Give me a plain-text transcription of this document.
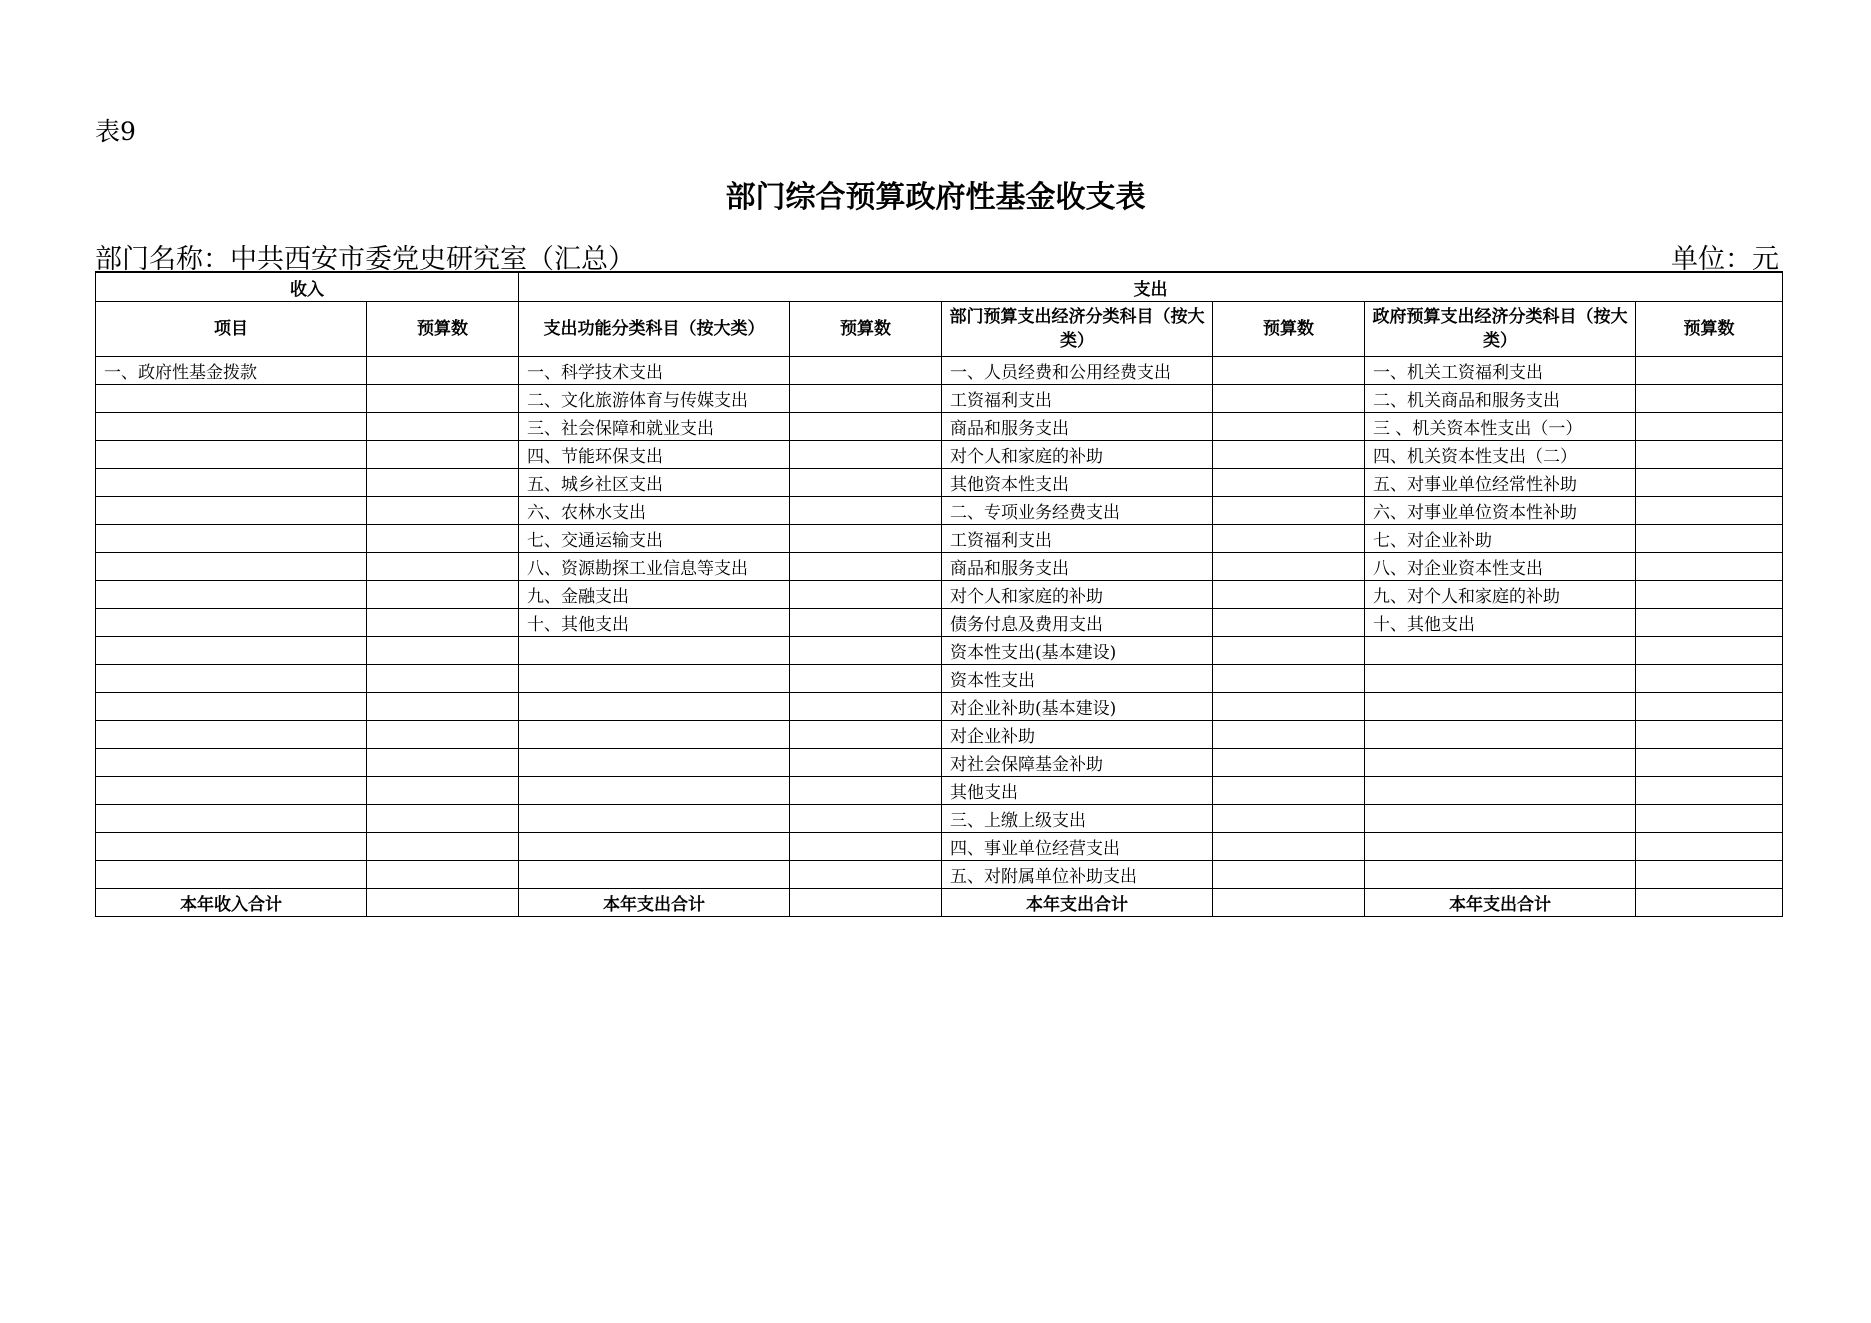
表9
部门综合预算政府性基金收支表
部门名称：中共西安市委党史研究室（汇总）	单位：元
收入		支出					
项目	预算数	支出功能分类科目（按大类）	预算数	部门预算支出经济分类科目（按大类）	预算数	政府预算支出经济分类科目（按大类）	预算数
一、政府性基金拨款		一、科学技术支出		一、人员经费和公用经费支出		一、机关工资福利支出	
		二、文化旅游体育与传媒支出		工资福利支出		二、机关商品和服务支出	
		三、社会保障和就业支出		商品和服务支出		三 、机关资本性支出（一）	
		四、节能环保支出		对个人和家庭的补助		四、机关资本性支出（二）	
		五、城乡社区支出		其他资本性支出		五、对事业单位经常性补助	
		六、农林水支出		二、专项业务经费支出		六、对事业单位资本性补助	
		七、交通运输支出		工资福利支出		七、对企业补助	
		八、资源勘探工业信息等支出		商品和服务支出		八、对企业资本性支出	
		九、金融支出		对个人和家庭的补助		九、对个人和家庭的补助	
		十、其他支出		债务付息及费用支出		十、其他支出	
				资本性支出(基本建设)			
				资本性支出			
				对企业补助(基本建设)			
				对企业补助			
				对社会保障基金补助			
				其他支出			
				三、上缴上级支出			
				四、事业单位经营支出			
				五、对附属单位补助支出			
本年收入合计		本年支出合计		本年支出合计		本年支出合计	
